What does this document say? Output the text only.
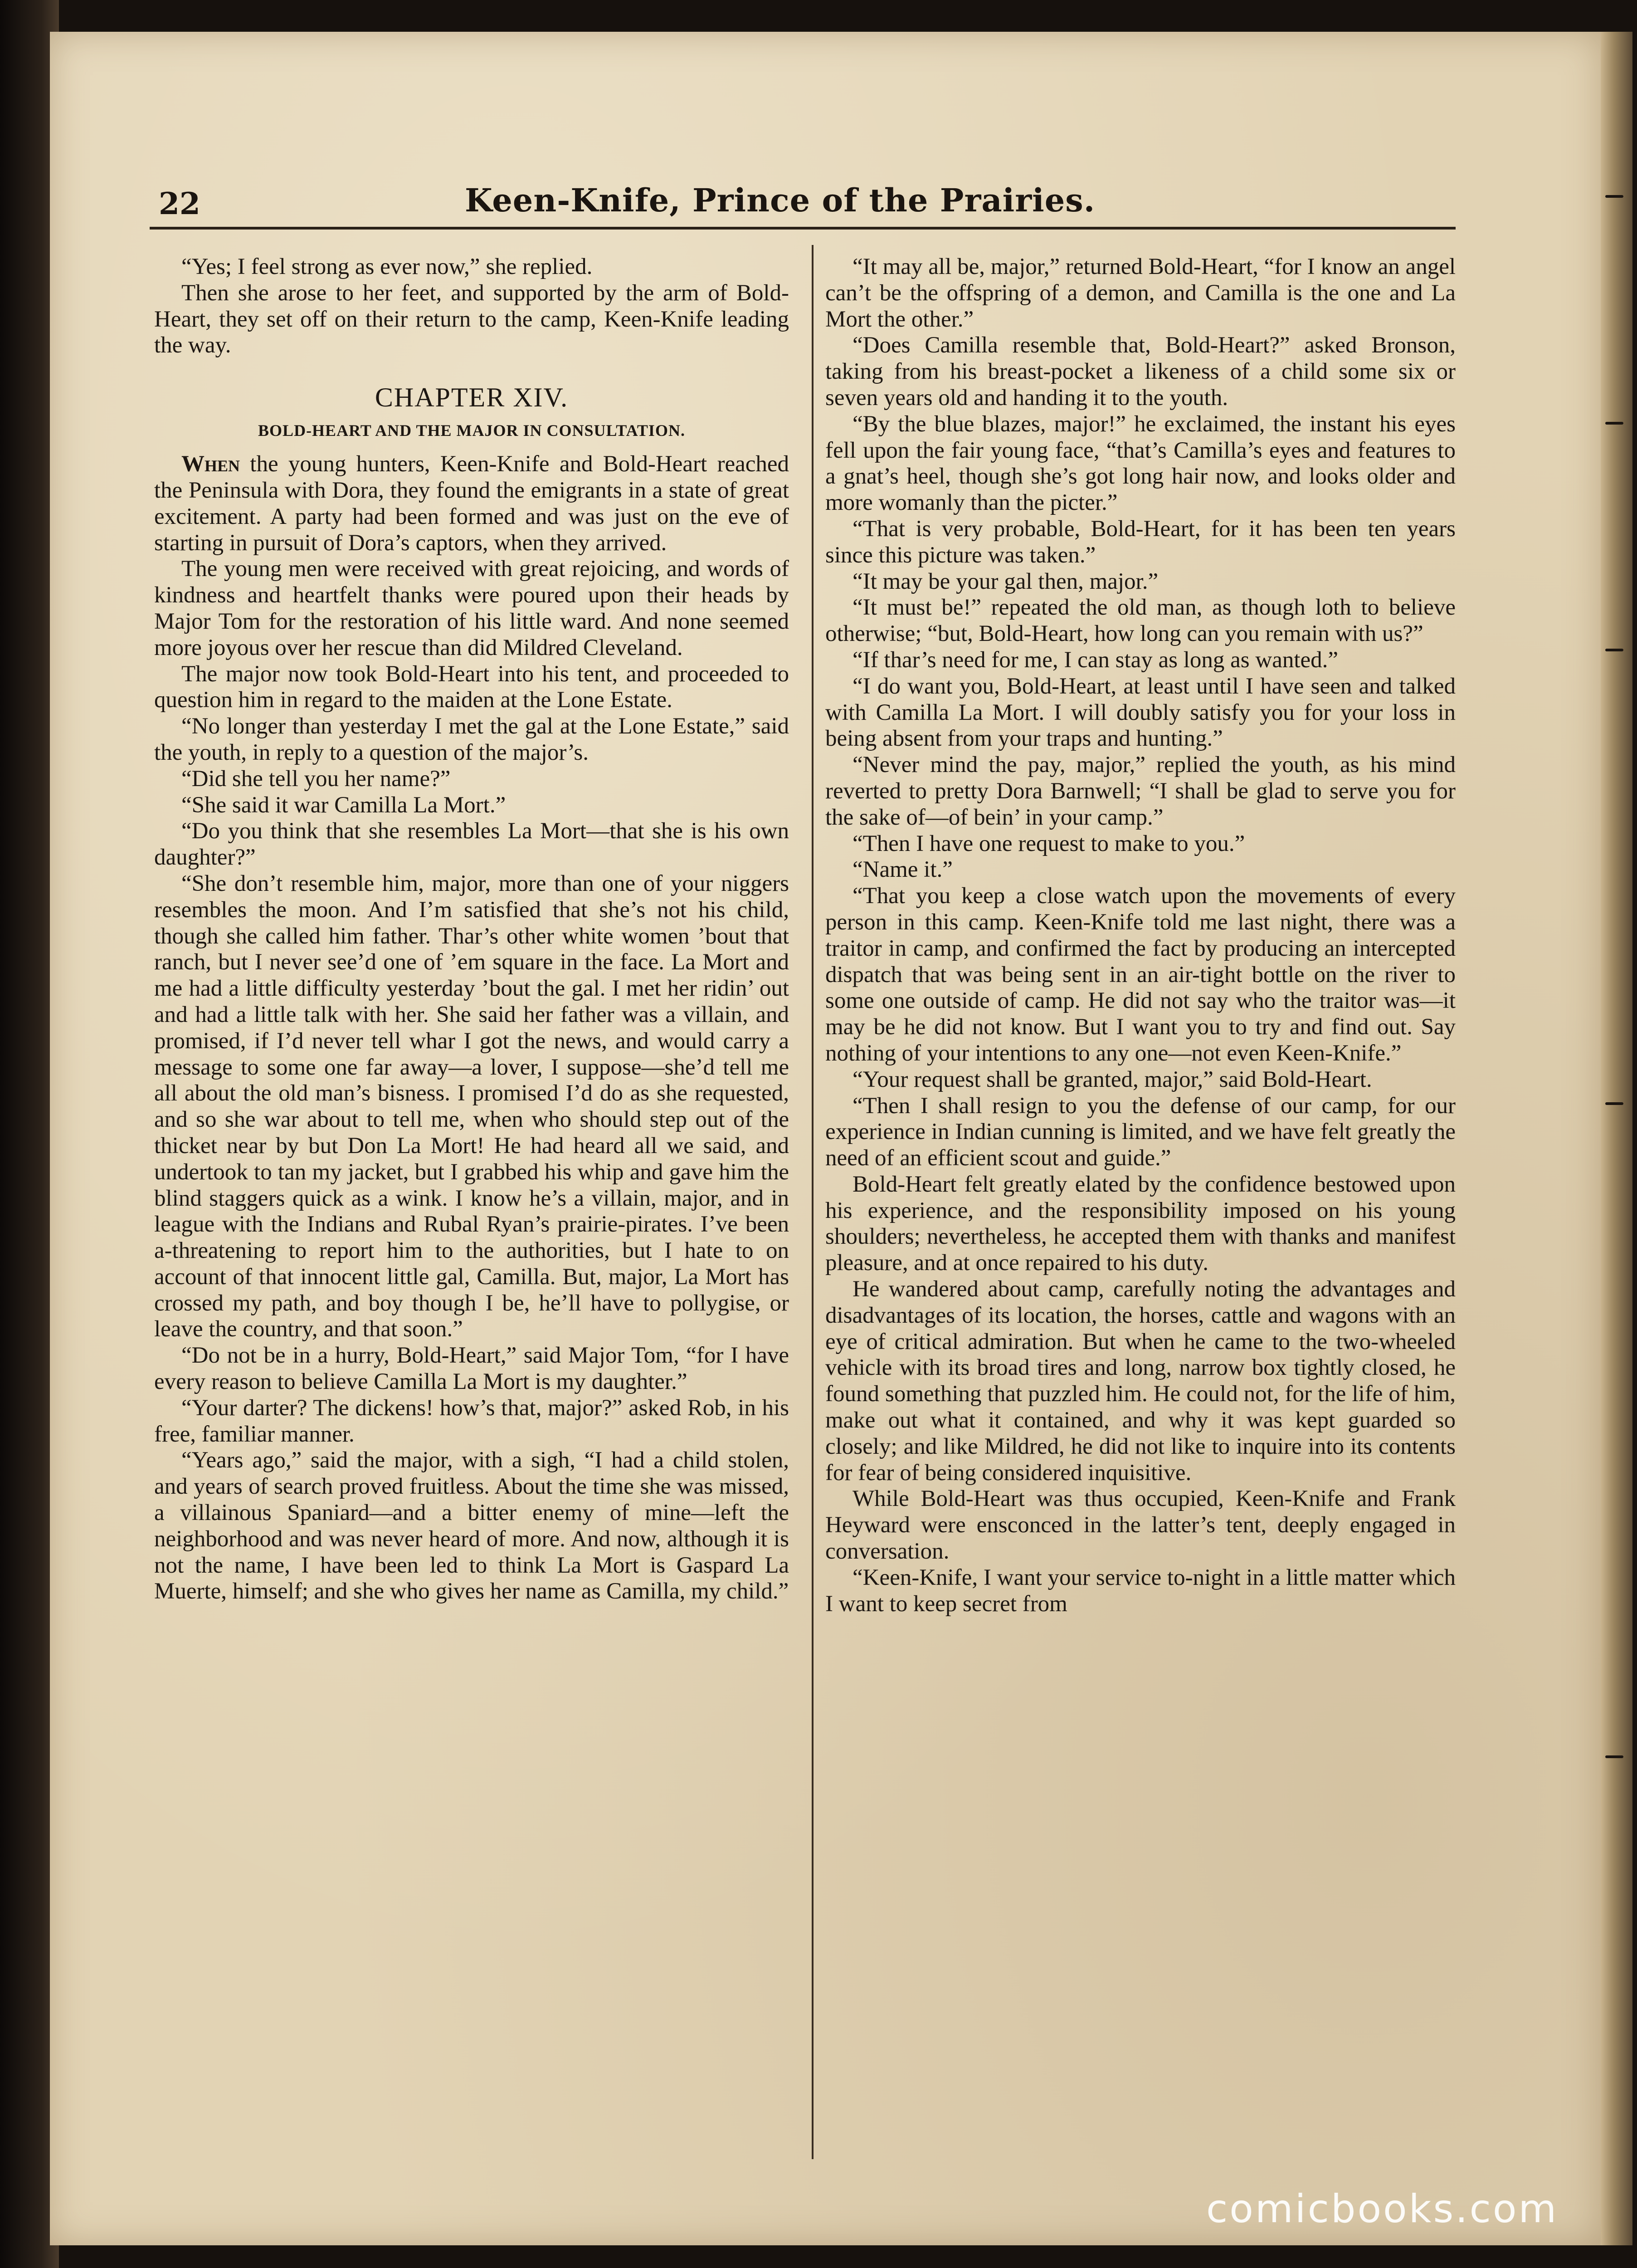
22	Keen-Knife, Prince of the Prairies.

“Yes; I feel strong as ever now,” she replied.

Then she arose to her feet, and supported by the arm of Bold-Heart, they set off on their return to the camp, Keen-Knife leading the way.

CHAPTER XIV.
BOLD-HEART AND THE MAJOR IN CONSULTATION.

When the young hunters, Keen-Knife and Bold-Heart reached the Peninsula with Dora, they found the emigrants in a state of great excitement. A party had been formed and was just on the eve of starting in pursuit of Dora’s captors, when they arrived.

The young men were received with great rejoicing, and words of kindness and heartfelt thanks were poured upon their heads by Major Tom for the restoration of his little ward. And none seemed more joyous over her rescue than did Mildred Cleveland.

The major now took Bold-Heart into his tent, and proceeded to question him in regard to the maiden at the Lone Estate.

“No longer than yesterday I met the gal at the Lone Estate,” said the youth, in reply to a question of the major’s.

“Did she tell you her name?”

“She said it war Camilla La Mort.”

“Do you think that she resembles La Mort—that she is his own daughter?”

“She don’t resemble him, major, more than one of your niggers resembles the moon. And I’m satisfied that she’s not his child, though she called him father. Thar’s other white women ’bout that ranch, but I never see’d one of ’em square in the face. La Mort and me had a little difficulty yesterday ’bout the gal. I met her ridin’ out and had a little talk with her. She said her father was a villain, and promised, if I’d never tell whar I got the news, and would carry a message to some one far away—a lover, I suppose—she’d tell me all about the old man’s bisness. I promised I’d do as she requested, and so she war about to tell me, when who should step out of the thicket near by but Don La Mort! He had heard all we said, and undertook to tan my jacket, but I grabbed his whip and gave him the blind staggers quick as a wink. I know he’s a villain, major, and in league with the Indians and Rubal Ryan’s prairie-pirates. I’ve been a-threatening to report him to the authorities, but I hate to on account of that innocent little gal, Camilla. But, major, La Mort has crossed my path, and boy though I be, he’ll have to pollygise, or leave the country, and that soon.”

“Do not be in a hurry, Bold-Heart,” said Major Tom, “for I have every reason to believe Camilla La Mort is my daughter.”

“Your darter? The dickens! how’s that, major?” asked Rob, in his free, familiar manner.

“Years ago,” said the major, with a sigh, “I had a child stolen, and years of search proved fruitless. About the time she was missed, a villainous Spaniard—and a bitter enemy of mine—left the neighborhood and was never heard of more. And now, although it is not the name, I have been led to think La Mort is Gaspard La Muerte, himself; and she who gives her name as Camilla, my child.”

“It may all be, major,” returned Bold-Heart, “for I know an angel can’t be the offspring of a demon, and Camilla is the one and La Mort the other.”

“Does Camilla resemble that, Bold-Heart?” asked Bronson, taking from his breast-pocket a likeness of a child some six or seven years old and handing it to the youth.

“By the blue blazes, major!” he exclaimed, the instant his eyes fell upon the fair young face, “that’s Camilla’s eyes and features to a gnat’s heel, though she’s got long hair now, and looks older and more womanly than the picter.”

“That is very probable, Bold-Heart, for it has been ten years since this picture was taken.”

“It may be your gal then, major.”

“It must be!” repeated the old man, as though loth to believe otherwise; “but, Bold-Heart, how long can you remain with us?”

“If thar’s need for me, I can stay as long as wanted.”

“I do want you, Bold-Heart, at least until I have seen and talked with Camilla La Mort. I will doubly satisfy you for your loss in being absent from your traps and hunting.”

“Never mind the pay, major,” replied the youth, as his mind reverted to pretty Dora Barnwell; “I shall be glad to serve you for the sake of—of bein’ in your camp.”

“Then I have one request to make to you.”

“Name it.”

“That you keep a close watch upon the movements of every person in this camp. Keen-Knife told me last night, there was a traitor in camp, and confirmed the fact by producing an intercepted dispatch that was being sent in an air-tight bottle on the river to some one outside of camp. He did not say who the traitor was—it may be he did not know. But I want you to try and find out. Say nothing of your intentions to any one—not even Keen-Knife.”

“Your request shall be granted, major,” said Bold-Heart.

“Then I shall resign to you the defense of our camp, for our experience in Indian cunning is limited, and we have felt greatly the need of an efficient scout and guide.”

Bold-Heart felt greatly elated by the confidence bestowed upon his experience, and the responsibility imposed on his young shoulders; nevertheless, he accepted them with thanks and manifest pleasure, and at once repaired to his duty.

He wandered about camp, carefully noting the advantages and disadvantages of its location, the horses, cattle and wagons with an eye of critical admiration. But when he came to the two-wheeled vehicle with its broad tires and long, narrow box tightly closed, he found something that puzzled him. He could not, for the life of him, make out what it contained, and why it was kept guarded so closely; and like Mildred, he did not like to inquire into its contents for fear of being considered inquisitive.

While Bold-Heart was thus occupied, Keen-Knife and Frank Heyward were ensconced in the latter’s tent, deeply engaged in conversation.

“Keen-Knife, I want your service to-night in a little matter which I want to keep secret from

comicbooks.com
